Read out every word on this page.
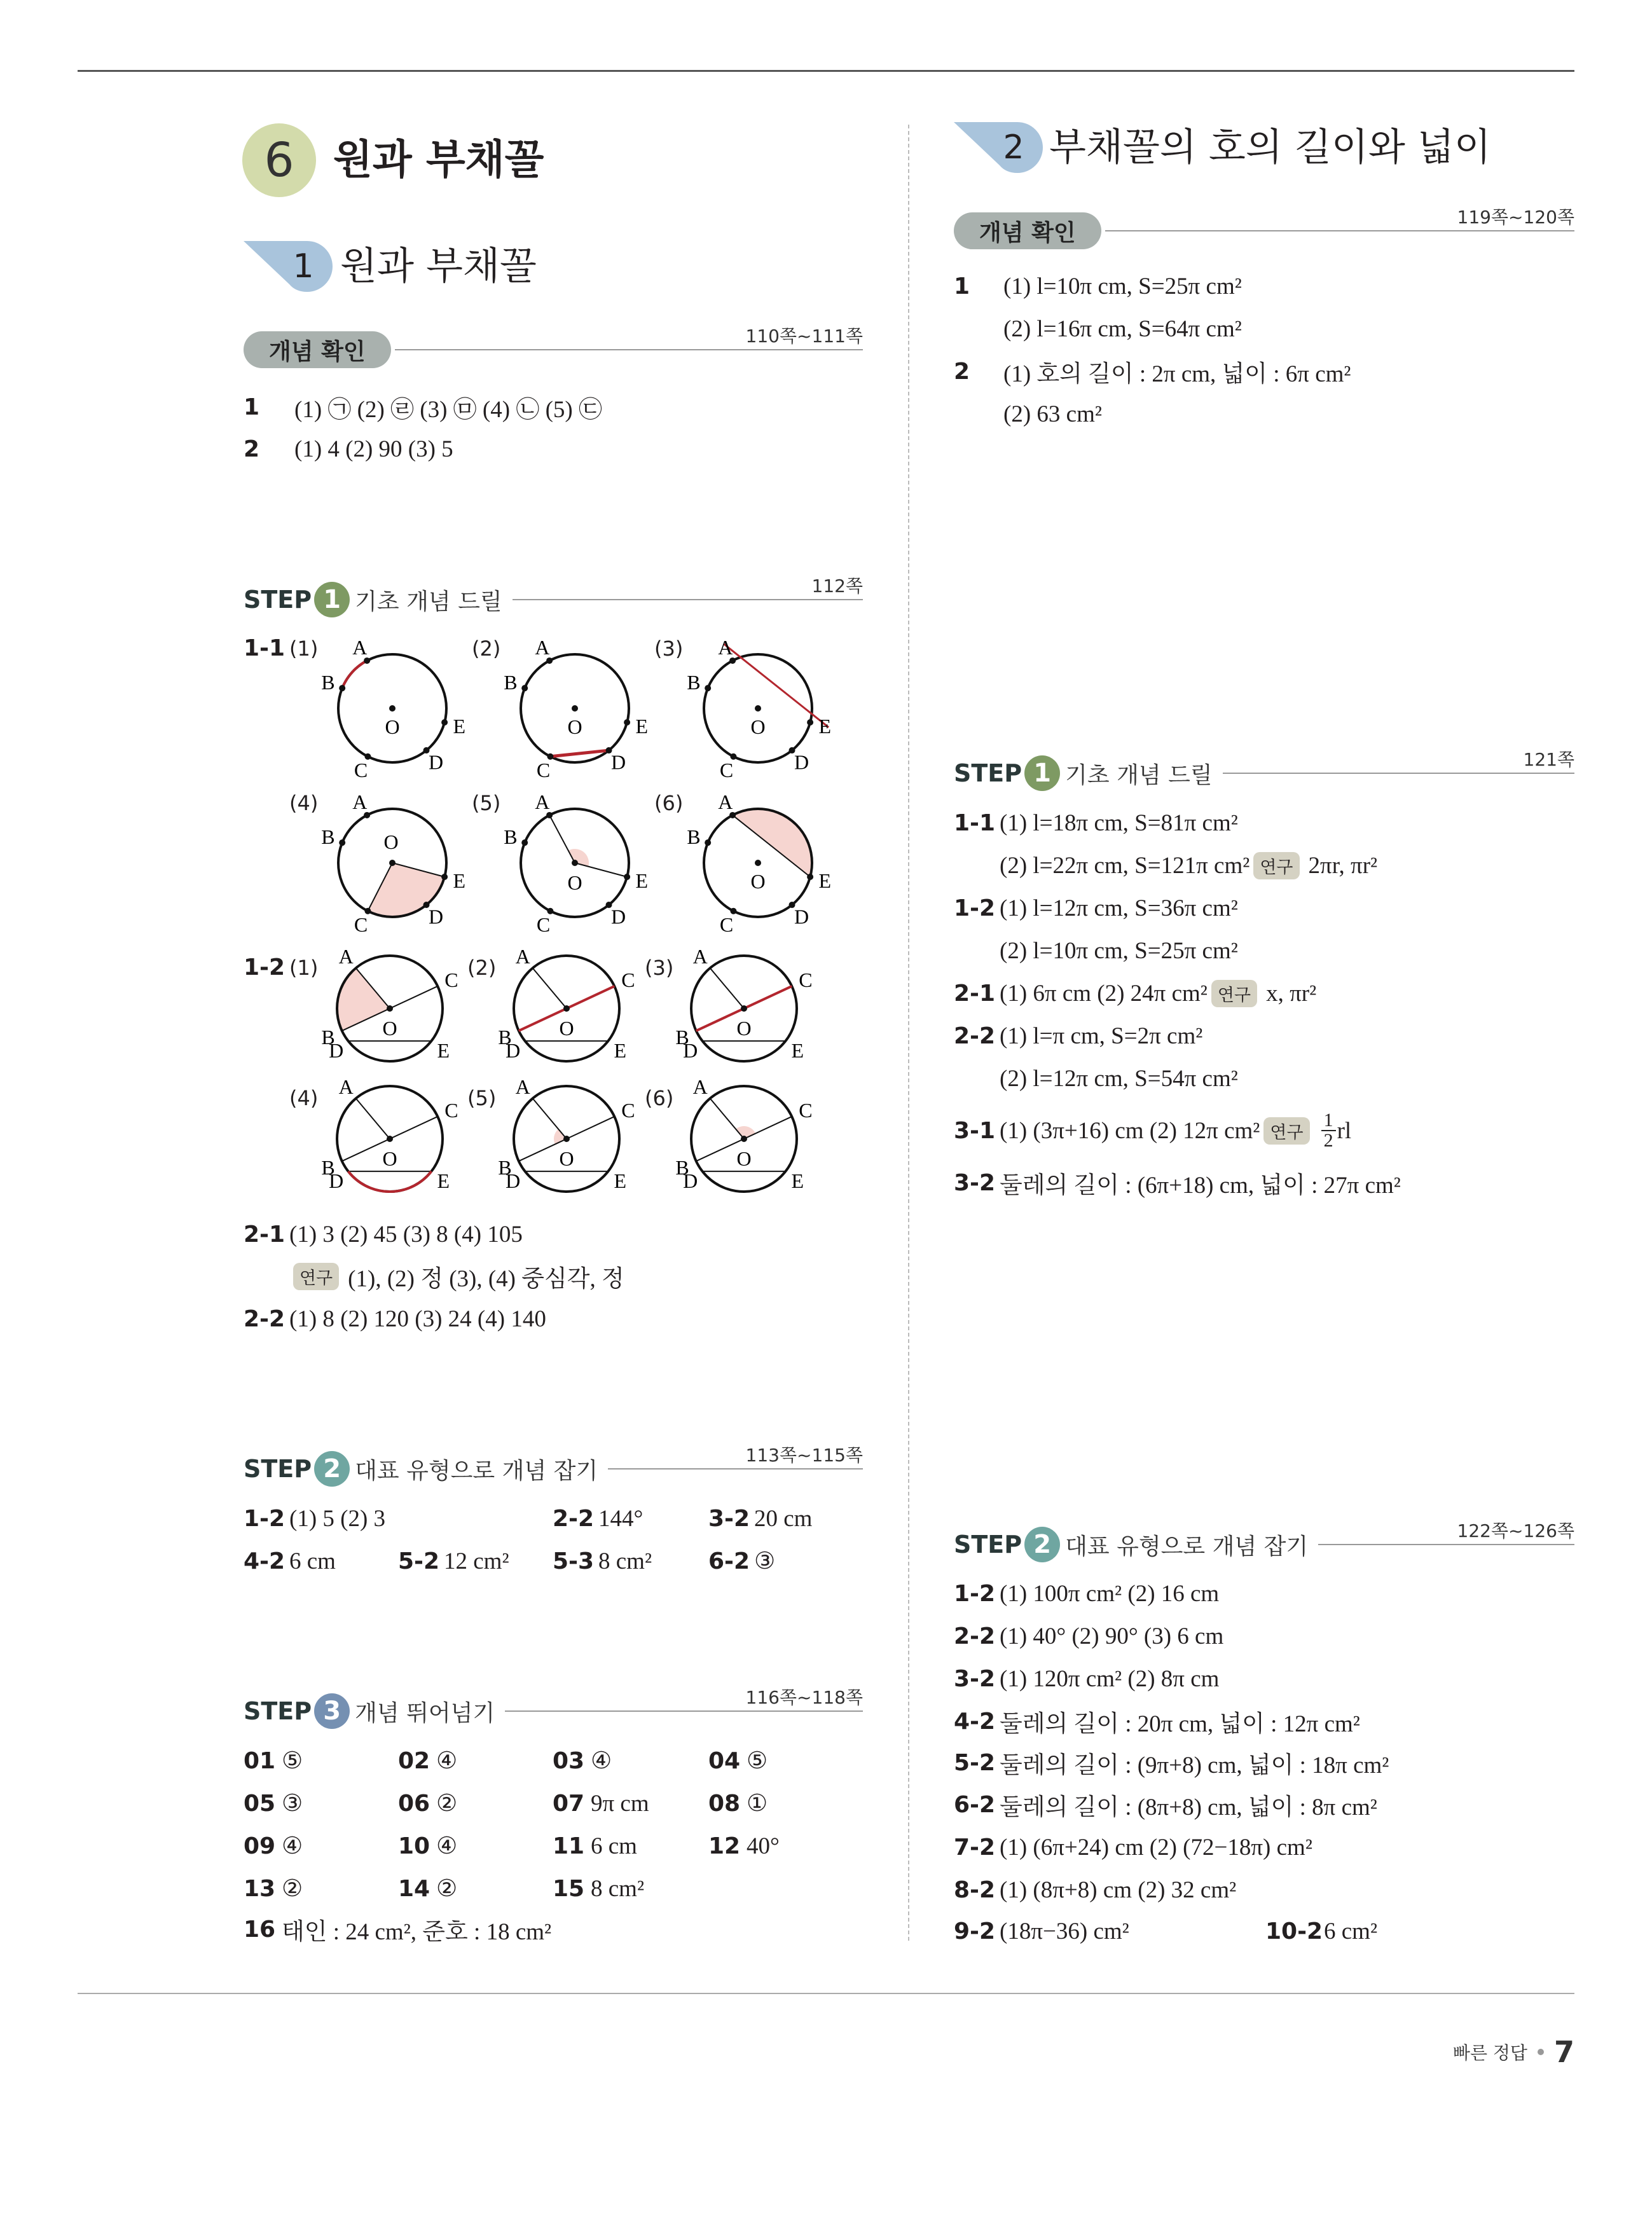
6 원과 부채꼴
1 원과 부채꼴
2 부채꼴의 호의 길이와 넓이
개념 확인
110쪽~111쪽
1	(1) ㉠ (2) ㉣ (3) ㉤ (4) ㉡ (5) ㉢
2	(1) 4 (2) 90 (3) 5
STEP 1 기초 개념 드릴
112쪽
2-1 (1) 3 (2) 45 (3) 8 (4) 105
연구 (1), (2) 정 (3), (4) 중심각, 정
2-2 (1) 8 (2) 120 (3) 24 (4) 140
STEP 2 대표 유형으로 개념 잡기
113쪽~115쪽
1-2 (1) 5 (2) 3	2-2 144°	3-2 20 cm
4-2 6 cm	5-2 12 cm² 5-3 8 cm² 6-2 ③
STEP 3 개념 뛰어넘기
116쪽~118쪽
01 ⑤	02 ④	03 ④	04 ⑤
05 ③	06 ②	07 9π cm	08 ①
09 ④	10 ④	11 6 cm	12 40°
13 ②	14 ②	15 8 cm²
16 태인 : 24 cm², 준호 : 18 cm²
개념 확인
119쪽~120쪽
1	(1) l=10π cm, S=25π cm²
(2) l=16π cm, S=64π cm²
2	(1) 호의 길이 : 2π cm, 넓이 : 6π cm²
(2) 63 cm²
STEP 1 기초 개념 드릴
121쪽
1-1 (1) l=18π cm, S=81π cm²
(2) l=22π cm, S=121π cm² 연구 2πr, πr²
1-2 (1) l=12π cm, S=36π cm²
(2) l=10π cm, S=25π cm²
2-1 (1) 6π cm (2) 24π cm² 연구 x, πr²
2-2 (1) l=π cm, S=2π cm²
(2) l=12π cm, S=54π cm²
3-1 (1) (3π+16) cm (2) 12π cm² 연구 $\frac{1}{2}$ rl
3-2 둘레의 길이 : (6π+18) cm, 넓이 : 27π cm²
STEP 2 대표 유형으로 개념 잡기
122쪽~126쪽
1-2 (1) 100π cm² (2) 16 cm
2-2 (1) 40° (2) 90° (3) 6 cm
3-2 (1) 120π cm² (2) 8π cm
4-2 둘레의 길이 : 20π cm, 넓이 : 12π cm²
5-2 둘레의 길이 : (9π+8) cm, 넓이 : 18π cm²
6-2 둘레의 길이 : (8π+8) cm, 넓이 : 8π cm²
7-2 (1) (6π+24) cm (2) (72−18π) cm²
8-2 (1) (8π+8) cm (2) 32 cm²
9-2 (18π−36) cm²	10-2 6 cm²
1-1
1-2
(1) A
B
C	D
E
O
(2) A
B
C	D
E
O
(3) A
B
C	D
E
O
(4) A
B
C	D
E
O
(5) A
B
C	D
E
O
(6) A
B
C	D
E
O
(1) A
B
C
D	E
O
(2) A
B
C
D	E
O
(3) A
B
C
D	E
O
(4) A
B
C
D	E
O
(5) A
B
C
D	E
O
(6) A
B
C
D	E
O
빠른 정답 7
